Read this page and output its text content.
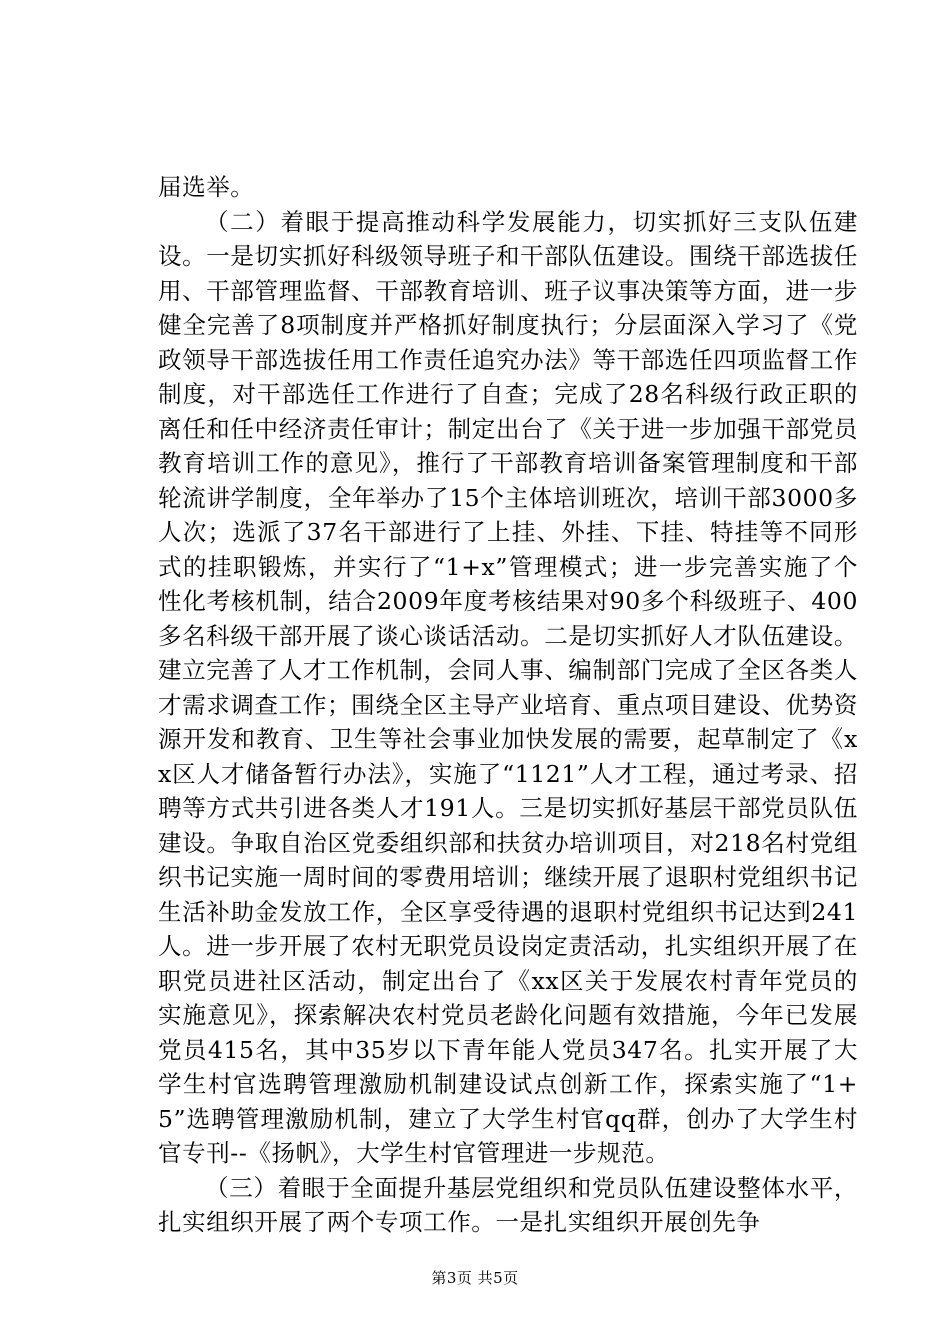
届选举。

（二）着眼于提高推动科学发展能力，切实抓好三支队伍建设。一是切实抓好科级领导班子和干部队伍建设。围绕干部选拔任用、干部管理监督、干部教育培训、班子议事决策等方面，进一步健全完善了8项制度并严格抓好制度执行；分层面深入学习了《党政领导干部选拔任用工作责任追究办法》等干部选任四项监督工作制度，对干部选任工作进行了自查；完成了28名科级行政正职的离任和任中经济责任审计；制定出台了《关于进一步加强干部党员教育培训工作的意见》，推行了干部教育培训备案管理制度和干部轮流讲学制度，全年举办了15个主体培训班次，培训干部3000多人次；选派了37名干部进行了上挂、外挂、下挂、特挂等不同形式的挂职锻炼，并实行了“1+x”管理模式；进一步完善实施了个性化考核机制，结合2009年度考核结果对90多个科级班子、400多名科级干部开展了谈心谈话活动。二是切实抓好人才队伍建设。建立完善了人才工作机制，会同人事、编制部门完成了全区各类人才需求调查工作；围绕全区主导产业培育、重点项目建设、优势资源开发和教育、卫生等社会事业加快发展的需要，起草制定了《xx区人才储备暂行办法》，实施了“1121”人才工程，通过考录、招聘等方式共引进各类人才191人。三是切实抓好基层干部党员队伍建设。争取自治区党委组织部和扶贫办培训项目，对218名村党组织书记实施一周时间的零费用培训；继续开展了退职村党组织书记生活补助金发放工作，全区享受待遇的退职村党组织书记达到241人。进一步开展了农村无职党员设岗定责活动，扎实组织开展了在职党员进社区活动，制定出台了《xx区关于发展农村青年党员的实施意见》，探索解决农村党员老龄化问题有效措施，今年已发展党员415名，其中35岁以下青年能人党员347名。扎实开展了大学生村官选聘管理激励机制建设试点创新工作，探索实施了“1+5”选聘管理激励机制，建立了大学生村官qq群，创办了大学生村官专刊--《扬帆》，大学生村官管理进一步规范。

（三）着眼于全面提升基层党组织和党员队伍建设整体水平，扎实组织开展了两个专项工作。一是扎实组织开展创先争

第3页 共5页
